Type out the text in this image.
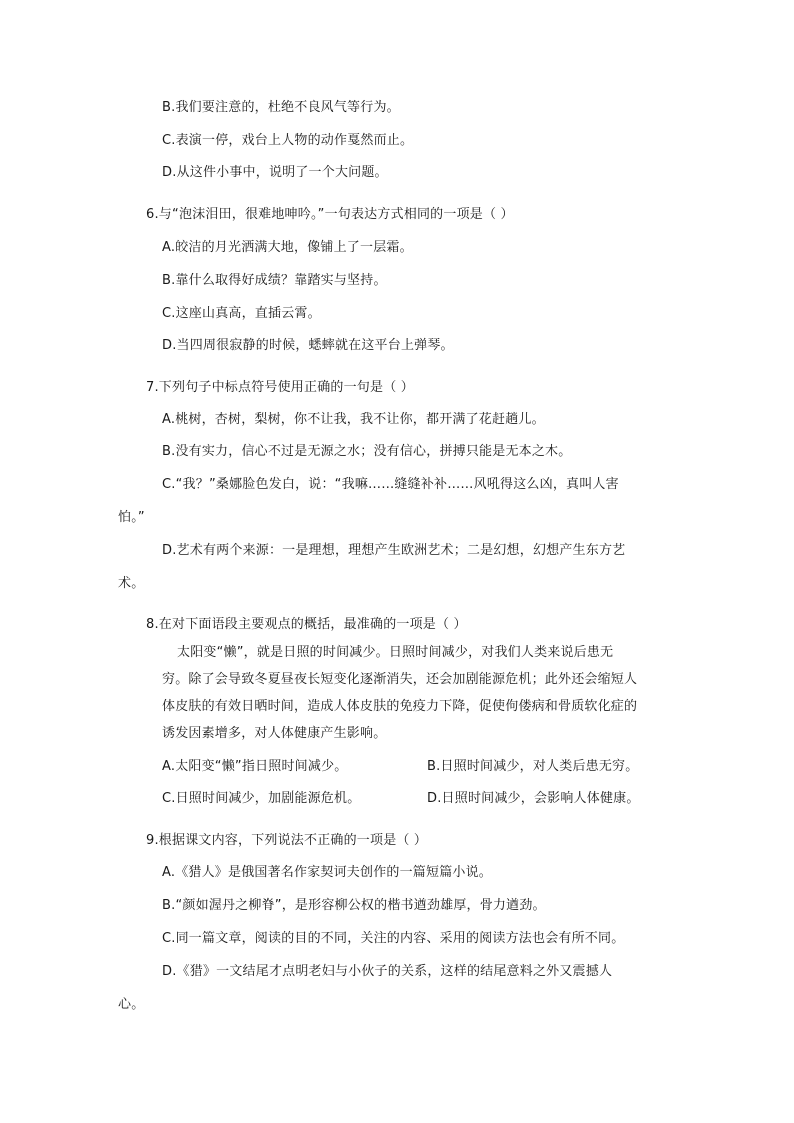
B.我们要注意的，杜绝不良风气等行为。
C.表演一停，戏台上人物的动作戛然而止。
D.从这件小事中，说明了一个大问题。
6.与“泡沫泪田，很难地呻吟。”一句表达方式相同的一项是（ ）
A.皎洁的月光洒满大地，像铺上了一层霜。
B.靠什么取得好成绩？靠踏实与坚持。
C.这座山真高，直插云霄。
D.当四周很寂静的时候，蟋蟀就在这平台上弹琴。
7.下列句子中标点符号使用正确的一句是（ ）
A.桃树，杏树，梨树，你不让我，我不让你，都开满了花赶趟儿。
B.没有实力，信心不过是无源之水；没有信心，拼搏只能是无本之木。
C.“我？”桑娜脸色发白，说：“我嘛……缝缝补补……风吼得这么凶，真叫人害
怕。”
D.艺术有两个来源：一是理想，理想产生欧洲艺术；二是幻想，幻想产生东方艺
术。
8.在对下面语段主要观点的概括，最准确的一项是（ ）
太阳变“懒”，就是日照的时间减少。日照时间减少，对我们人类来说后患无
穷。除了会导致冬夏昼夜长短变化逐渐消失，还会加剧能源危机；此外还会缩短人
体皮肤的有效日晒时间，造成人体皮肤的免疫力下降，促使佝偻病和骨质软化症的
诱发因素增多，对人体健康产生影响。
A.太阳变“懒”指日照时间减少。	B.日照时间减少，对人类后患无穷。
C.日照时间减少，加剧能源危机。	D.日照时间减少，会影响人体健康。
9.根据课文内容，下列说法不正确的一项是（ ）
A.《猎人》是俄国著名作家契诃夫创作的一篇短篇小说。
B.“颜如渥丹之柳脊”，是形容柳公权的楷书遒劲雄厚，骨力遒劲。
C.同一篇文章，阅读的目的不同，关注的内容、采用的阅读方法也会有所不同。
D.《猎》一文结尾才点明老妇与小伙子的关系，这样的结尾意料之外又震撼人
心。
